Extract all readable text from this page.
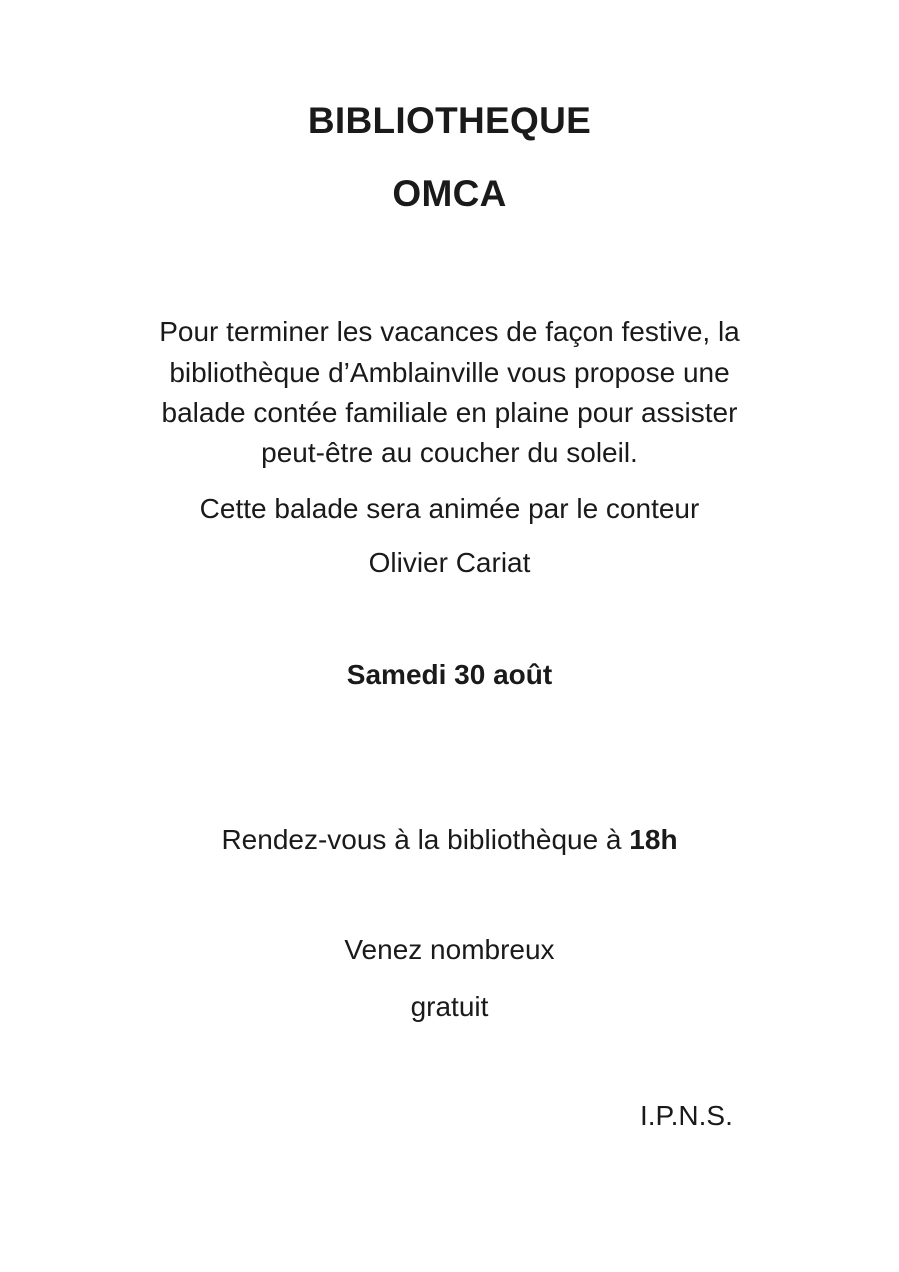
BIBLIOTHEQUE
OMCA
Pour terminer les vacances de façon festive, la
bibliothèque d’Amblainville vous propose une
balade contée familiale en plaine pour assister
peut-être au coucher du soleil.
Cette balade sera animée par le conteur
Olivier Cariat
Samedi 30 août
Rendez-vous à la bibliothèque à 18h
Venez nombreux
gratuit
I.P.N.S.
